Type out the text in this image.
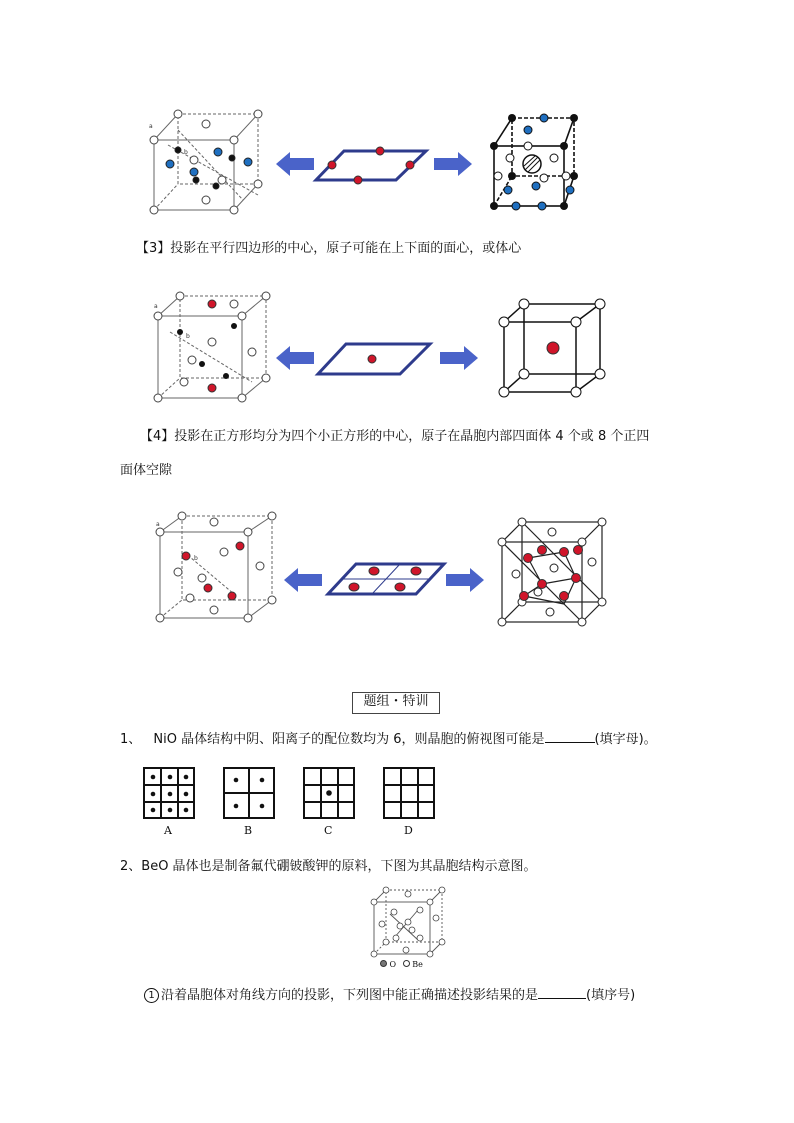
a
b
【3】投影在平行四边形的中心，原子可能在上下面的面心，或体心
a
b
【4】投影在正方形均分为四个小正方形的中心，原子在晶胞内部四面体 4 个或 8 个正四
面体空隙
a
b
题组・特训
1、 NiO 晶体结构中阴、阳离子的配位数均为 6，则晶胞的俯视图可能是	(填字母)。
A	B	C	D
2、BeO 晶体也是制备氟代硼铍酸钾的原料，下图为其晶胞结构示意图。
O Be
1 沿着晶胞体对角线方向的投影，下列图中能正确描述投影结果的是	(填序号)
